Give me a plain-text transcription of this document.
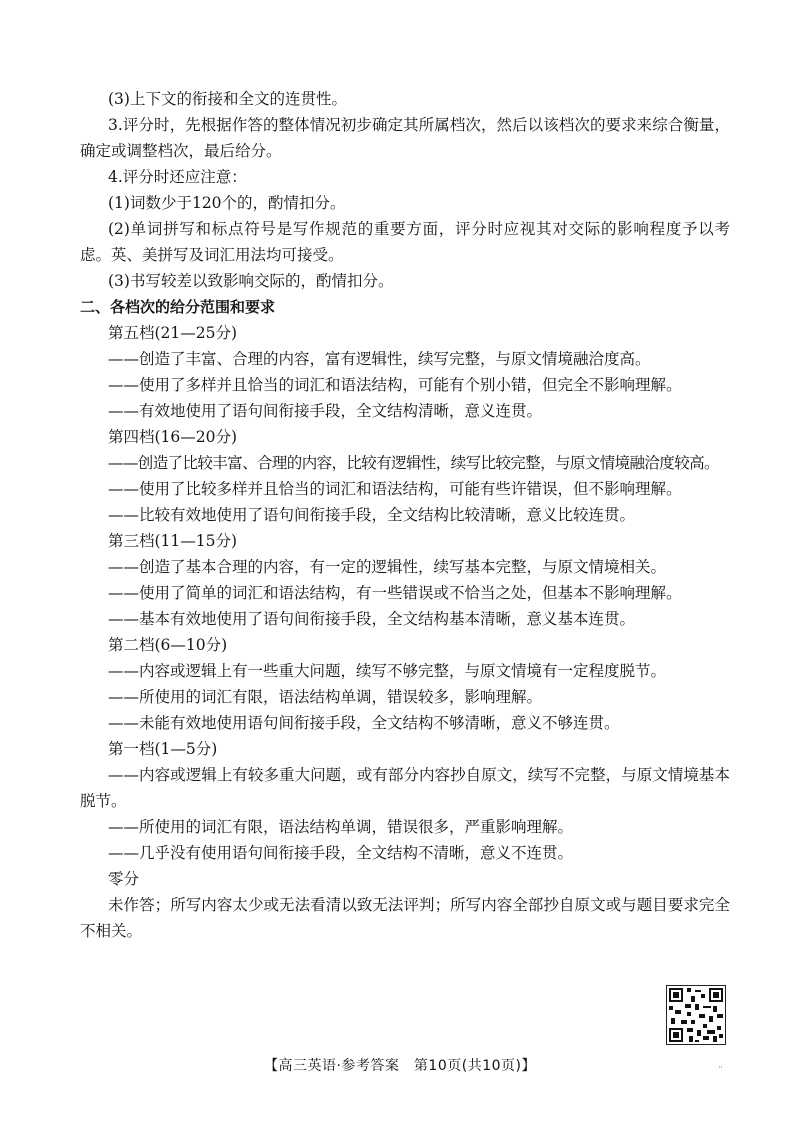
(3)上下文的衔接和全文的连贯性。

3.评分时，先根据作答的整体情况初步确定其所属档次，然后以该档次的要求来综合衡量，确定或调整档次，最后给分。

4.评分时还应注意：

(1)词数少于120个的，酌情扣分。

(2)单词拼写和标点符号是写作规范的重要方面，评分时应视其对交际的影响程度予以考虑。英、美拼写及词汇用法均可接受。

(3)书写较差以致影响交际的，酌情扣分。

二、各档次的给分范围和要求

第五档(21—25分)

——创造了丰富、合理的内容，富有逻辑性，续写完整，与原文情境融洽度高。

——使用了多样并且恰当的词汇和语法结构，可能有个别小错，但完全不影响理解。

——有效地使用了语句间衔接手段，全文结构清晰，意义连贯。

第四档(16—20分)

——创造了比较丰富、合理的内容，比较有逻辑性，续写比较完整，与原文情境融洽度较高。

——使用了比较多样并且恰当的词汇和语法结构，可能有些许错误，但不影响理解。

——比较有效地使用了语句间衔接手段，全文结构比较清晰，意义比较连贯。

第三档(11—15分)

——创造了基本合理的内容，有一定的逻辑性，续写基本完整，与原文情境相关。

——使用了简单的词汇和语法结构，有一些错误或不恰当之处，但基本不影响理解。

——基本有效地使用了语句间衔接手段，全文结构基本清晰，意义基本连贯。

第二档(6—10分)

——内容或逻辑上有一些重大问题，续写不够完整，与原文情境有一定程度脱节。

——所使用的词汇有限，语法结构单调，错误较多，影响理解。

——未能有效地使用语句间衔接手段，全文结构不够清晰，意义不够连贯。

第一档(1—5分)

——内容或逻辑上有较多重大问题，或有部分内容抄自原文，续写不完整，与原文情境基本脱节。

——所使用的词汇有限，语法结构单调，错误很多，严重影响理解。

——几乎没有使用语句间衔接手段，全文结构不清晰，意义不连贯。

零分

未作答；所写内容太少或无法看清以致无法评判；所写内容全部抄自原文或与题目要求完全不相关。

【高三英语·参考答案　第10页(共10页)】	¨
